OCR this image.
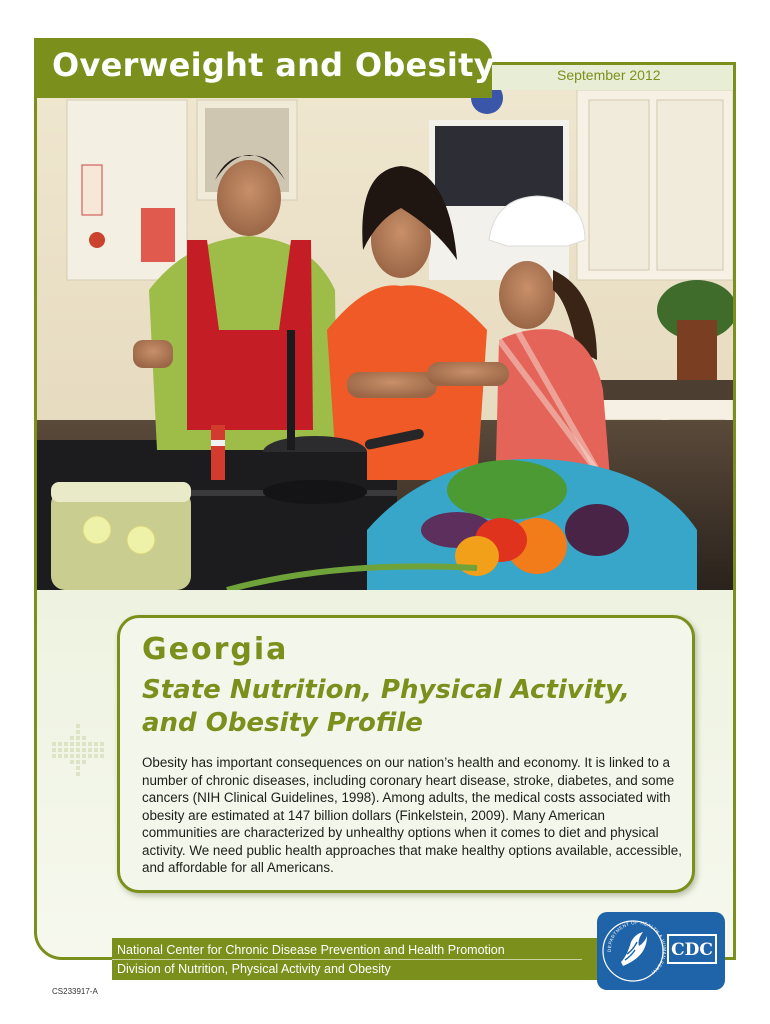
Overweight and Obesity	September 2012
Georgia
State Nutrition, Physical Activity, and Obesity Profile
Obesity has important consequences on our nation’s health and economy. It is linked to a number of chronic diseases, including coronary heart disease, stroke, diabetes, and some cancers (NIH Clinical Guidelines, 1998). Among adults, the medical costs associated with obesity are estimated at 147 billion dollars (Finkelstein, 2009). Many American communities are characterized by unhealthy options when it comes to diet and physical activity. We need public health approaches that make healthy options available, accessible, and affordable for all Americans.
National Center for Chronic Disease Prevention and Health Promotion
Division of Nutrition, Physical Activity and Obesity
DEPARTMENT OF HEALTH & HUMAN SERVI
CDC
CS233917-A
